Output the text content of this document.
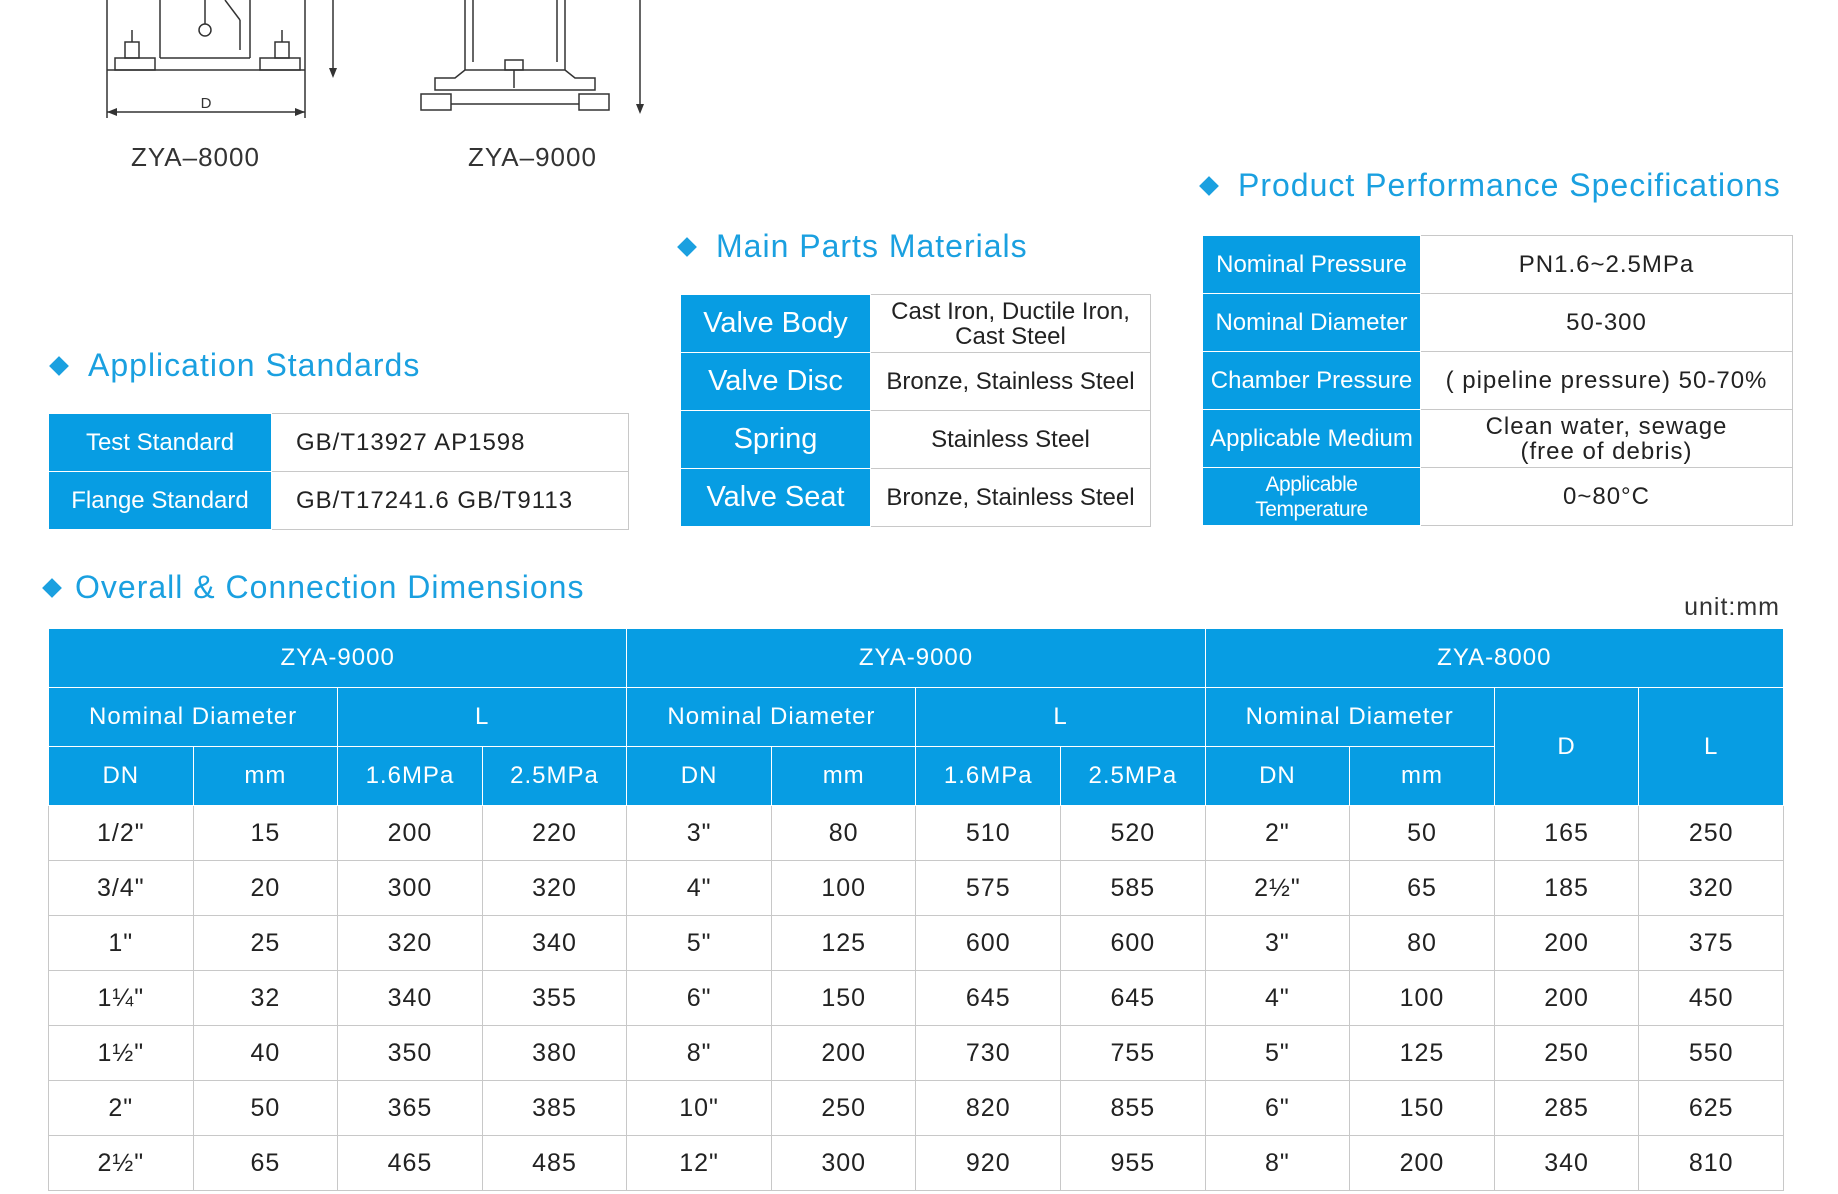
D
ZYA–8000	ZYA–9000
Application Standards
Test Standard	GB/T13927 AP1598
Flange Standard	GB/T17241.6 GB/T9113
Main Parts Materials
Valve Body	Cast Iron, Ductile Iron, Cast Steel
Valve Disc	Bronze, Stainless Steel
Spring	Stainless Steel
Valve Seat	Bronze, Stainless Steel
Product Performance Specifications
Nominal Pressure	PN1.6~2.5MPa
Nominal Diameter	50-300
Chamber Pressure	( pipeline pressure) 50-70%
Applicable Medium	Clean water, sewage (free of debris)
Applicable Temperature	0~80°C
Overall & Connection Dimensions
unit:mm
ZYA-9000				ZYA-9000				ZYA-8000			
Nominal Diameter		L		Nominal Diameter		L		Nominal Diameter		D	L
DN	mm	1.6MPa	2.5MPa	DN	mm	1.6MPa	2.5MPa	DN	mm		
1/2"	15	200	220	3"	80	510	520	2"	50	165	250
3/4"	20	300	320	4"	100	575	585	2½"	65	185	320
1"	25	320	340	5"	125	600	600	3"	80	200	375
1¼"	32	340	355	6"	150	645	645	4"	100	200	450
1½"	40	350	380	8"	200	730	755	5"	125	250	550
2"	50	365	385	10"	250	820	855	6"	150	285	625
2½"	65	465	485	12"	300	920	955	8"	200	340	810
